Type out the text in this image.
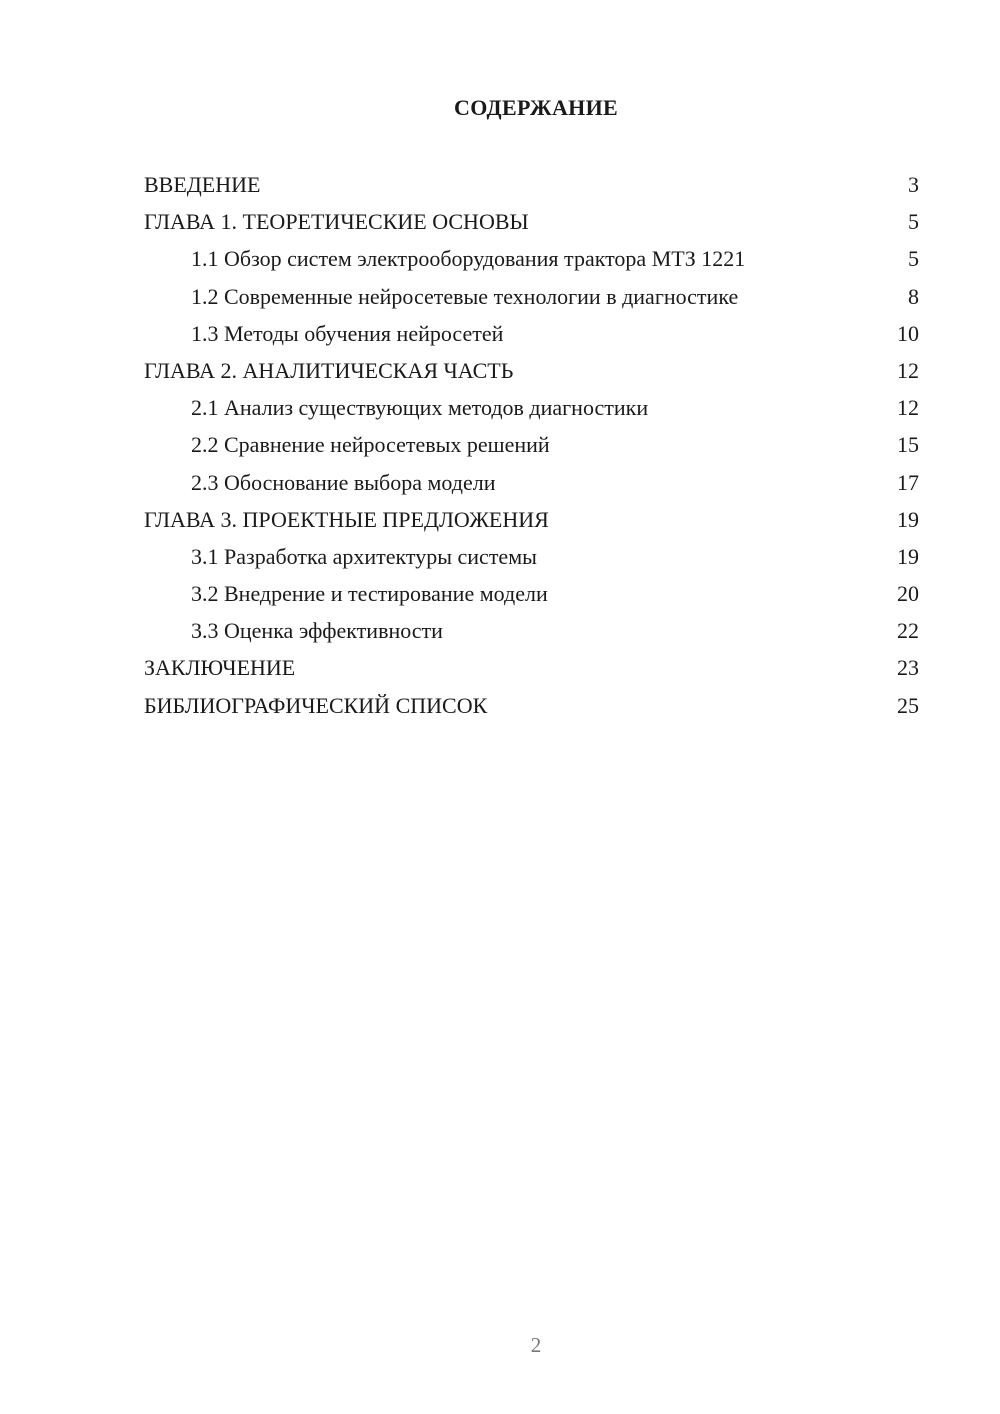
СОДЕРЖАНИЕ
ВВЕДЕНИЕ	3
ГЛАВА 1. ТЕОРЕТИЧЕСКИЕ ОСНОВЫ	5
1.1 Обзор систем электрооборудования трактора МТЗ 1221	5
1.2 Современные нейросетевые технологии в диагностике	8
1.3 Методы обучения нейросетей	10
ГЛАВА 2. АНАЛИТИЧЕСКАЯ ЧАСТЬ	12
2.1 Анализ существующих методов диагностики	12
2.2 Сравнение нейросетевых решений	15
2.3 Обоснование выбора модели	17
ГЛАВА 3. ПРОЕКТНЫЕ ПРЕДЛОЖЕНИЯ	19
3.1 Разработка архитектуры системы	19
3.2 Внедрение и тестирование модели	20
3.3 Оценка эффективности	22
ЗАКЛЮЧЕНИЕ	23
БИБЛИОГРАФИЧЕСКИЙ СПИСОК	25
2
